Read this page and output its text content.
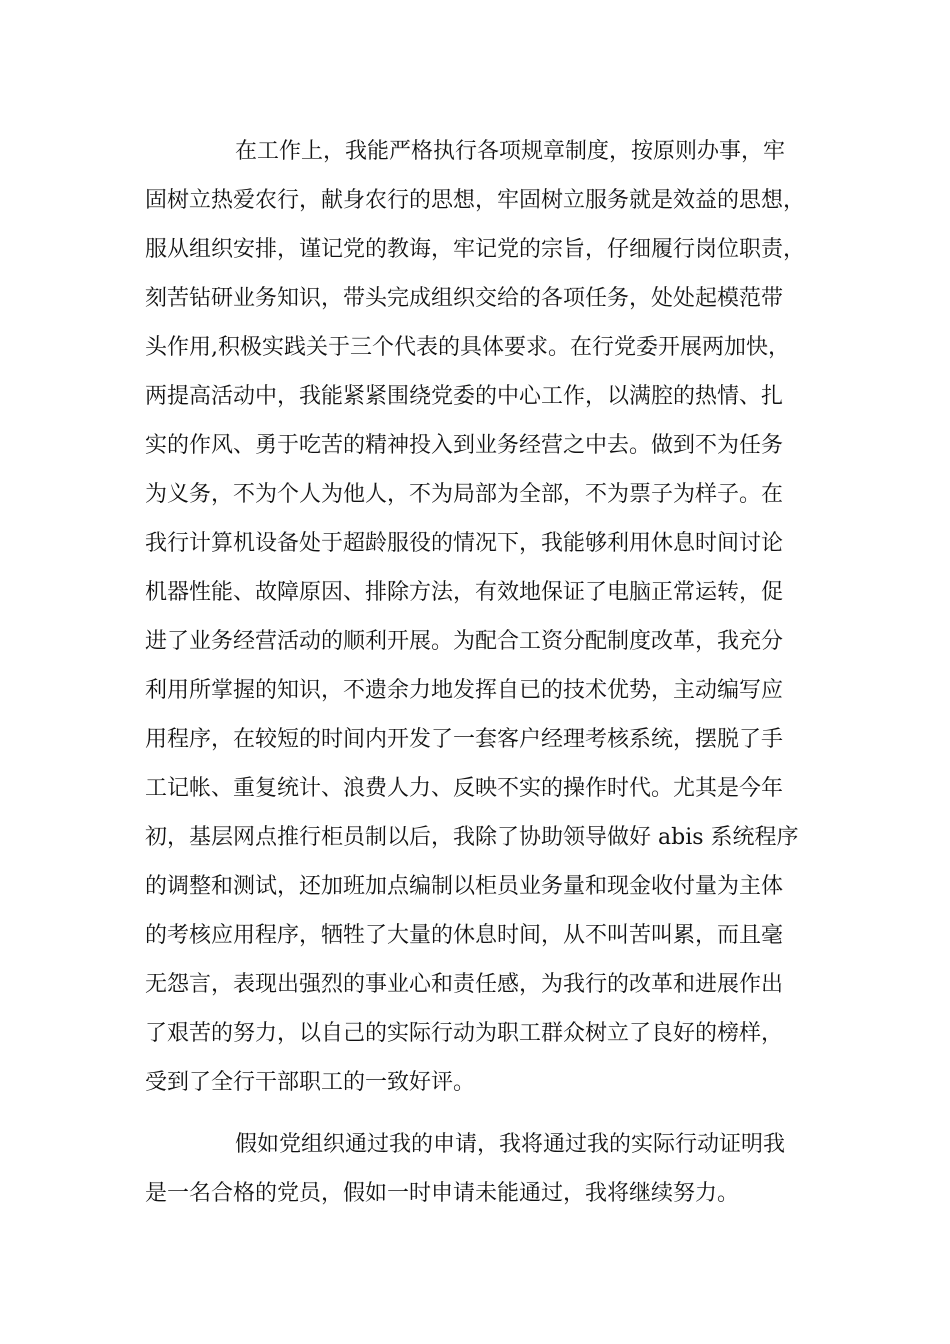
在工作上，我能严格执行各项规章制度，按原则办事，牢
固树立热爱农行，献身农行的思想，牢固树立服务就是效益的思想，
服从组织安排，谨记党的教诲，牢记党的宗旨，仔细履行岗位职责，
刻苦钻研业务知识，带头完成组织交给的各项任务，处处起模范带
头作用,积极实践关于三个代表的具体要求。在行党委开展两加快，
两提高活动中，我能紧紧围绕党委的中心工作，以满腔的热情、扎
实的作风、勇于吃苦的精神投入到业务经营之中去。做到不为任务
为义务，不为个人为他人，不为局部为全部，不为票子为样子。在
我行计算机设备处于超龄服役的情况下，我能够利用休息时间讨论
机器性能、故障原因、排除方法，有效地保证了电脑正常运转，促
进了业务经营活动的顺利开展。为配合工资分配制度改革，我充分
利用所掌握的知识，不遗余力地发挥自已的技术优势，主动编写应
用程序，在较短的时间内开发了一套客户经理考核系统，摆脱了手
工记帐、重复统计、浪费人力、反映不实的操作时代。尤其是今年
初，基层网点推行柜员制以后，我除了协助领导做好 abis 系统程序
的调整和测试，还加班加点编制以柜员业务量和现金收付量为主体
的考核应用程序，牺牲了大量的休息时间，从不叫苦叫累，而且毫
无怨言，表现出强烈的事业心和责任感，为我行的改革和进展作出
了艰苦的努力，以自己的实际行动为职工群众树立了良好的榜样，
受到了全行干部职工的一致好评。
假如党组织通过我的申请，我将通过我的实际行动证明我
是一名合格的党员，假如一时申请未能通过，我将继续努力。
